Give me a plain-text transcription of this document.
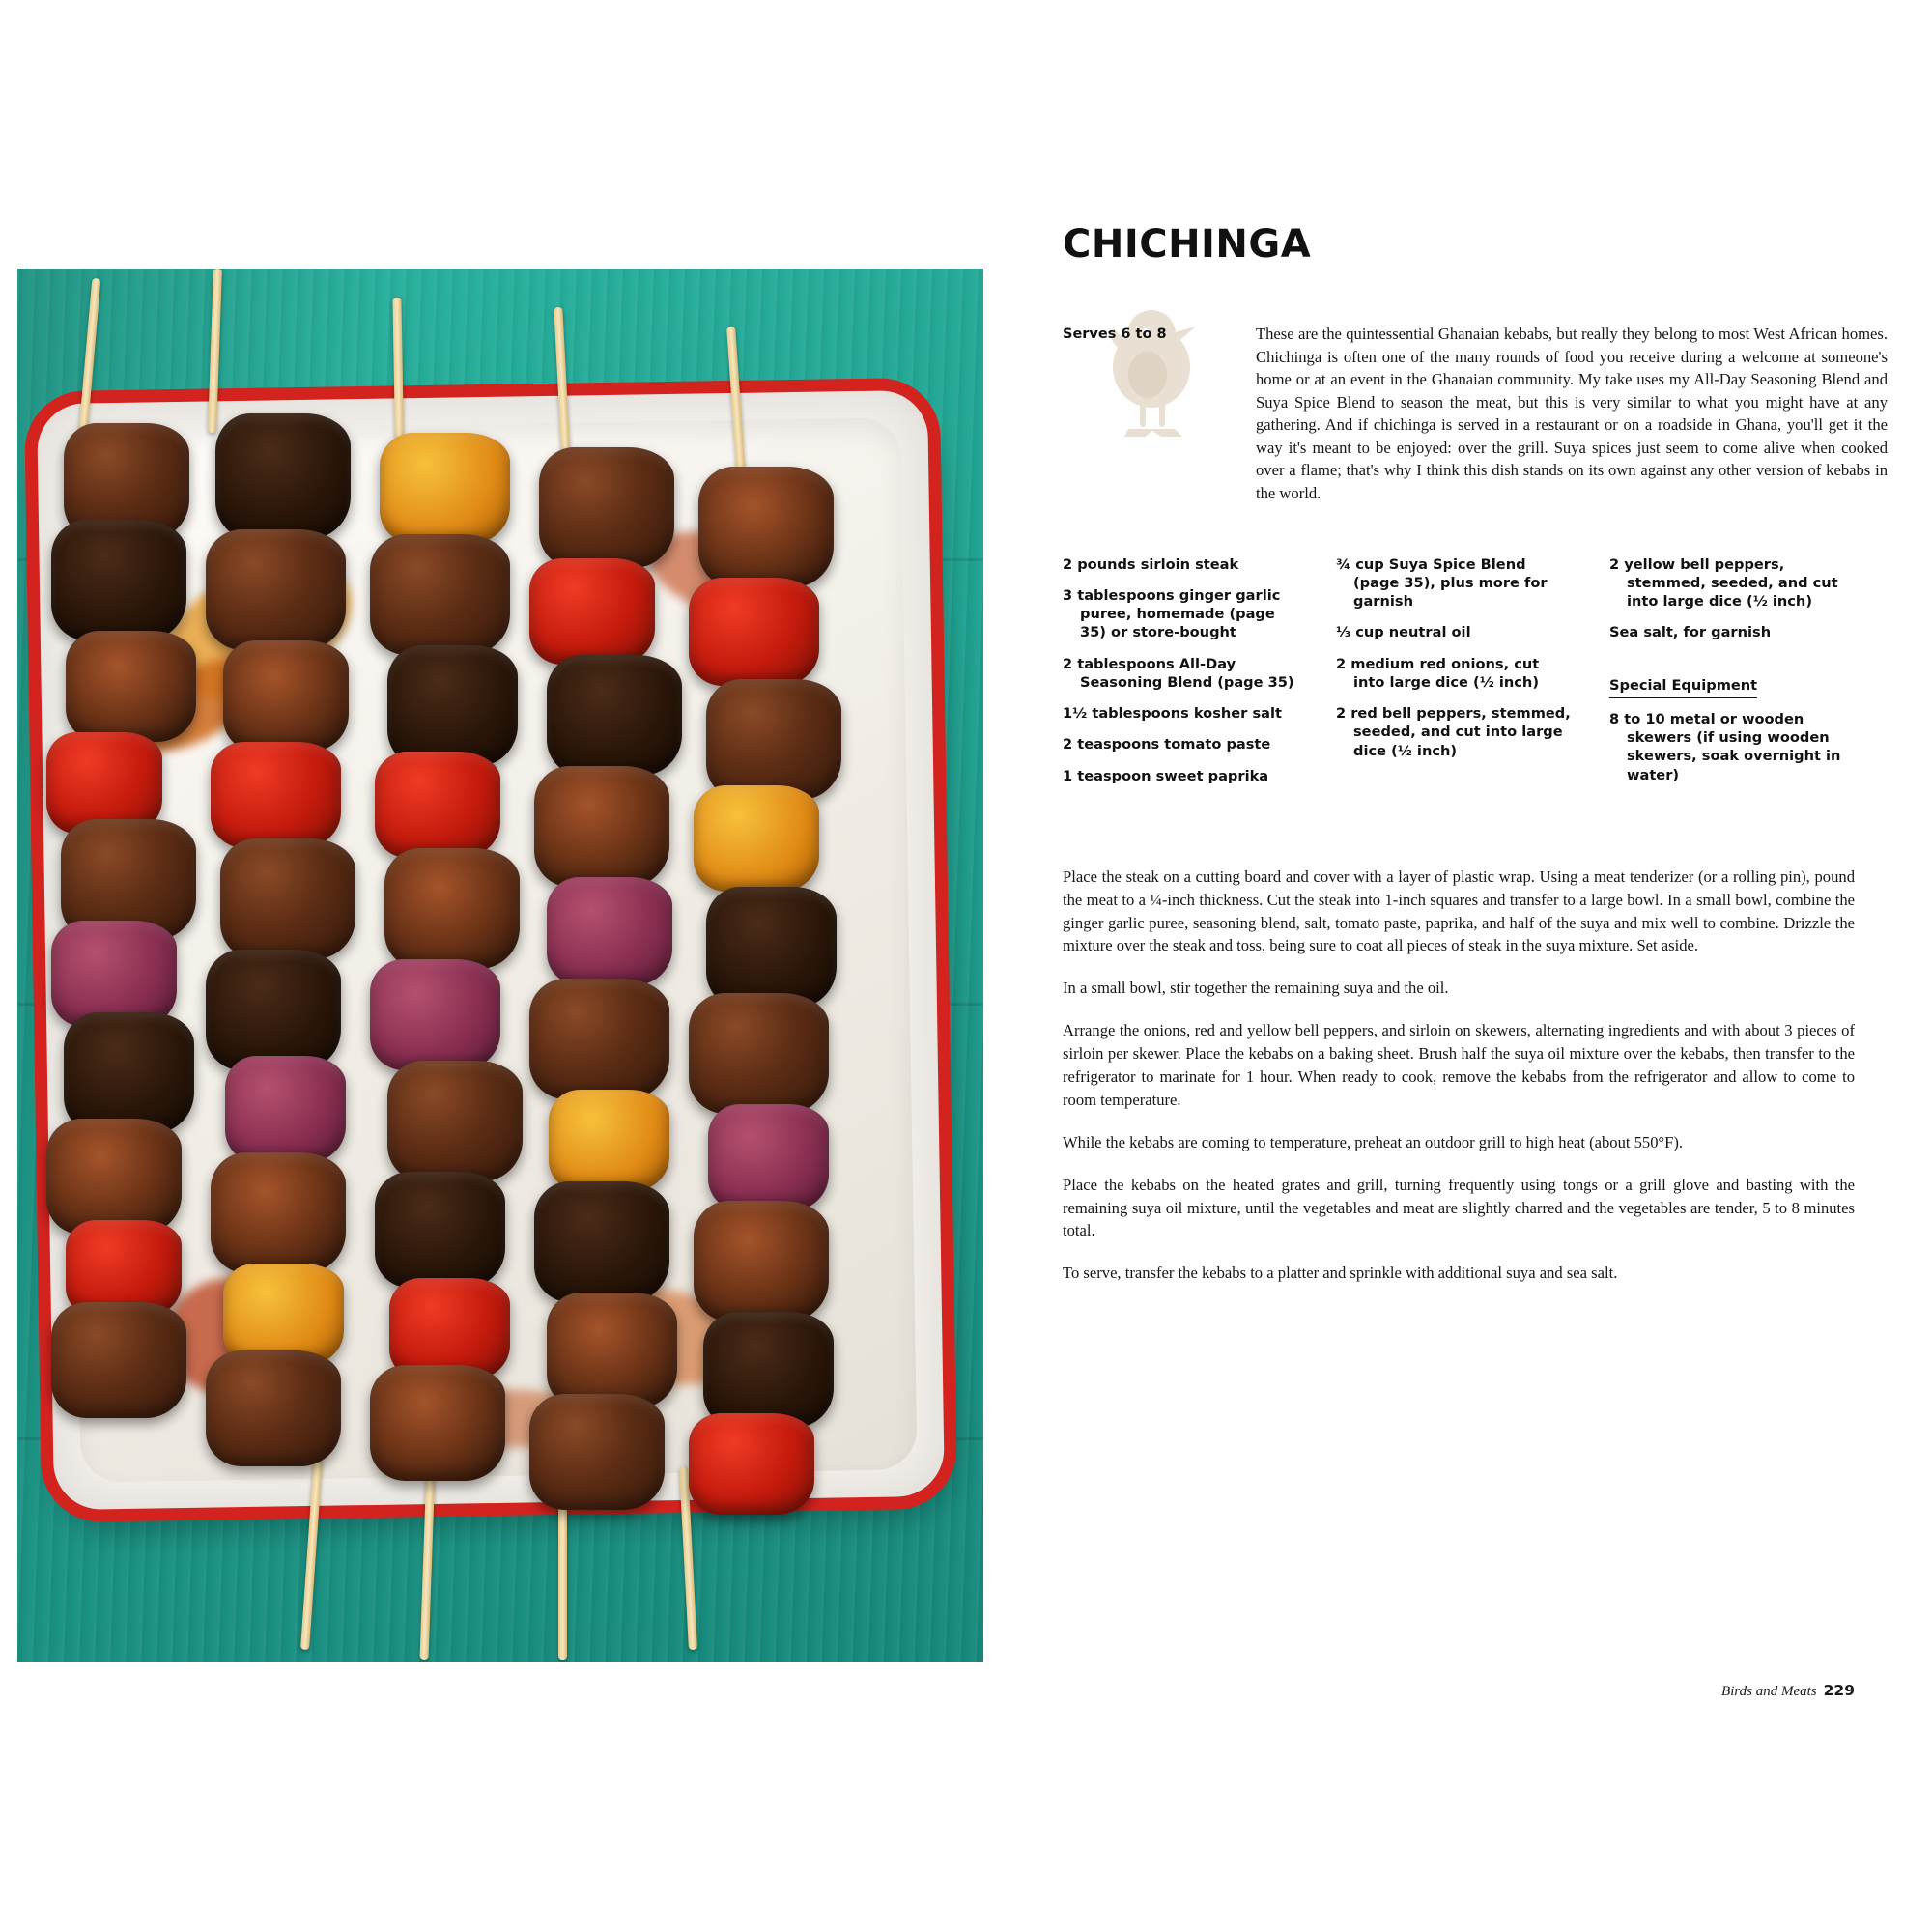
CHICHINGA
Serves 6 to 8	These are the quintessential Ghanaian kebabs, but really they belong to most West African homes. Chichinga is often one of the many rounds of food you receive during a welcome at someone's home or at an event in the Ghanaian community. My take uses my All-Day Seasoning Blend and Suya Spice Blend to season the meat, but this is very similar to what you might have at any gathering. And if chichinga is served in a restaurant or on a roadside in Ghana, you'll get it the way it's meant to be enjoyed: over the grill. Suya spices just seem to come alive when cooked over a flame; that's why I think this dish stands on its own against any other version of kebabs in the world.
2 pounds sirloin steak
3 tablespoons ginger garlic puree, homemade (page 35) or store-bought
2 tablespoons All-Day Seasoning Blend (page 35)
1½ tablespoons kosher salt
2 teaspoons tomato paste
1 teaspoon sweet paprika
¾ cup Suya Spice Blend (page 35), plus more for garnish
⅓ cup neutral oil
2 medium red onions, cut into large dice (½ inch)
2 red bell peppers, stemmed, seeded, and cut into large dice (½ inch)
2 yellow bell peppers, stemmed, seeded, and cut into large dice (½ inch)
Sea salt, for garnish
Special Equipment
8 to 10 metal or wooden skewers (if using wooden skewers, soak overnight in water)

Place the steak on a cutting board and cover with a layer of plastic wrap. Using a meat tenderizer (or a rolling pin), pound the meat to a ¼-inch thickness. Cut the steak into 1-inch squares and transfer to a large bowl. In a small bowl, combine the ginger garlic puree, seasoning blend, salt, tomato paste, paprika, and half of the suya and mix well to combine. Drizzle the mixture over the steak and toss, being sure to coat all pieces of steak in the suya mixture. Set aside.

In a small bowl, stir together the remaining suya and the oil.

Arrange the onions, red and yellow bell peppers, and sirloin on skewers, alternating ingredients and with about 3 pieces of sirloin per skewer. Place the kebabs on a baking sheet. Brush half the suya oil mixture over the kebabs, then transfer to the refrigerator to marinate for 1 hour. When ready to cook, remove the kebabs from the refrigerator and allow to come to room temperature.

While the kebabs are coming to temperature, preheat an outdoor grill to high heat (about 550°F).

Place the kebabs on the heated grates and grill, turning frequently using tongs or a grill glove and basting with the remaining suya oil mixture, until the vegetables and meat are slightly charred and the vegetables are tender, 5 to 8 minutes total.

To serve, transfer the kebabs to a platter and sprinkle with additional suya and sea salt.

Birds and Meats 229
